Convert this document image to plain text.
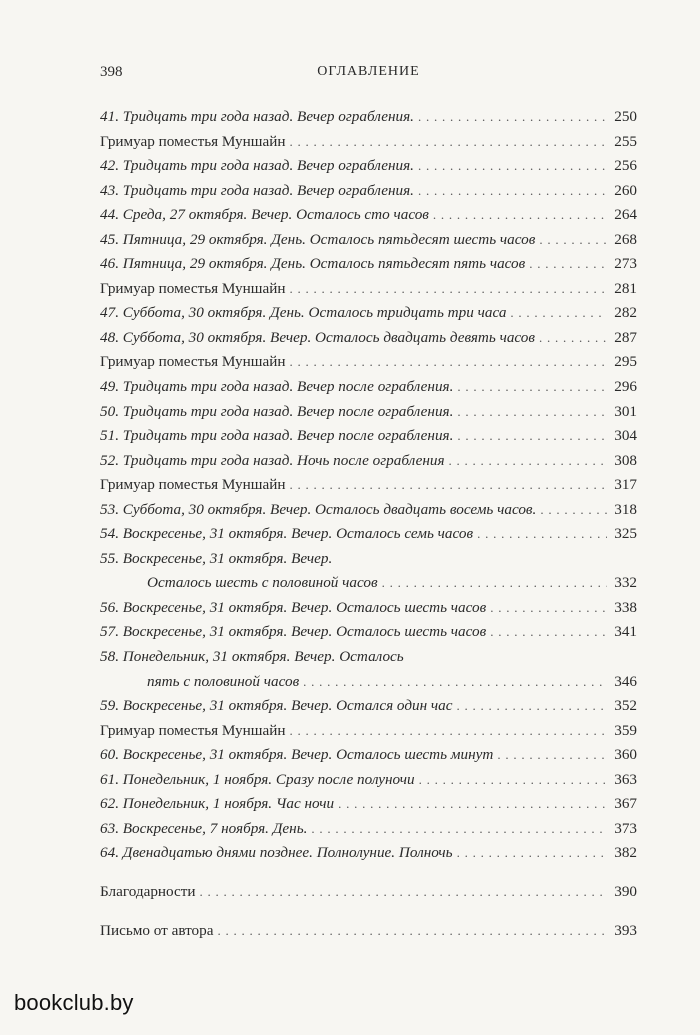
398	ОГЛАВЛЕНИЕ
41. Тридцать три года назад. Вечер ограбления. . . .	250
Гримуар поместья Муншайн . . .	255
42. Тридцать три года назад. Вечер ограбления. . . .	256
43. Тридцать три года назад. Вечер ограбления. . . .	260
44. Среда, 27 октября. Вечер. Осталось сто часов . . .	264
45. Пятница, 29 октября. День. Осталось пятьдесят шесть часов . . .	268
46. Пятница, 29 октября. День. Осталось пятьдесят пять часов . . .	273
Гримуар поместья Муншайн . . .	281
47. Суббота, 30 октября. День. Осталось тридцать три часа . . .	282
48. Суббота, 30 октября. Вечер. Осталось двадцать девять часов . . .	287
Гримуар поместья Муншайн . . .	295
49. Тридцать три года назад. Вечер после ограбления. . . .	296
50. Тридцать три года назад. Вечер после ограбления. . . .	301
51. Тридцать три года назад. Вечер после ограбления. . . .	304
52. Тридцать три года назад. Ночь после ограбления . . .	308
Гримуар поместья Муншайн . . .	317
53. Суббота, 30 октября. Вечер. Осталось двадцать восемь часов. . . .	318
54. Воскресенье, 31 октября. Вечер. Осталось семь часов . . .	325
55. Воскресенье, 31 октября. Вечер.
Осталось шесть с половиной часов . . .	332
56. Воскресенье, 31 октября. Вечер. Осталось шесть часов . . .	338
57. Воскресенье, 31 октября. Вечер. Осталось шесть часов . . .	341
58. Понедельник, 31 октября. Вечер. Осталось
пять с половиной часов . . .	346
59. Воскресенье, 31 октября. Вечер. Остался один час . . .	352
Гримуар поместья Муншайн . . .	359
60. Воскресенье, 31 октября. Вечер. Осталось шесть минут . . .	360
61. Понедельник, 1 ноября. Сразу после полуночи . . .	363
62. Понедельник, 1 ноября. Час ночи . . .	367
63. Воскресенье, 7 ноября. День. . . .	373
64. Двенадцатью днями позднее. Полнолуние. Полночь . . .	382
Благодарности . . .	390
Письмо от автора . . .	393
bookclub.by
